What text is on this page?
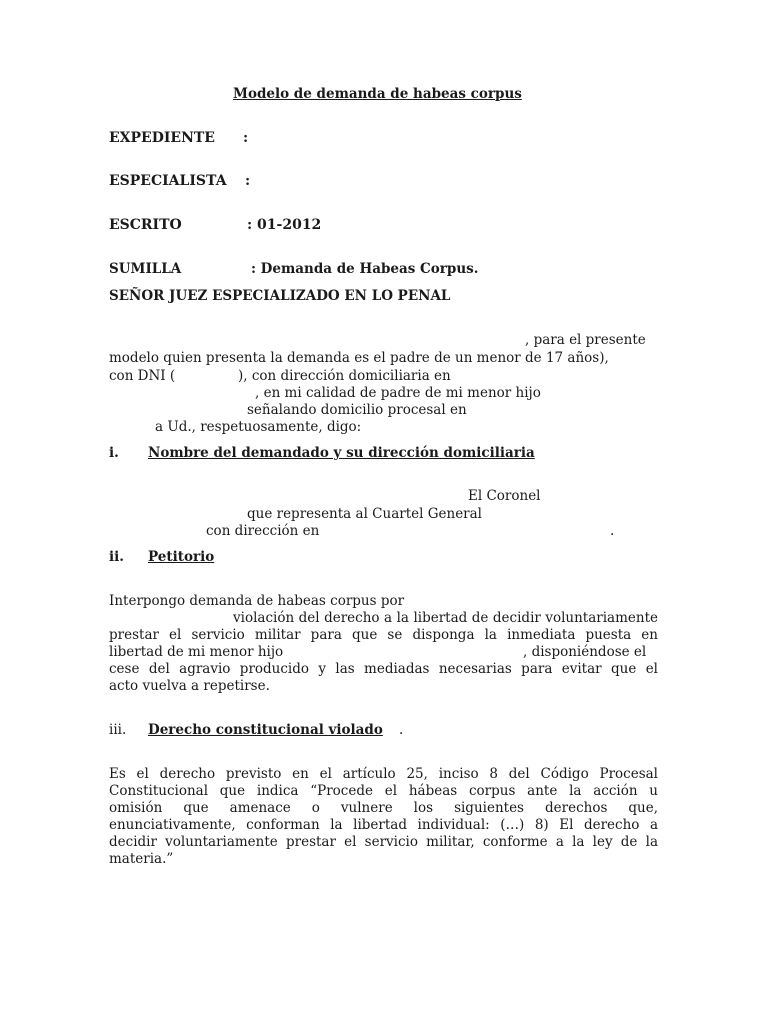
Modelo de demanda de habeas corpus
EXPEDIENTE :
ESPECIALISTA :
ESCRITO	: 01-2012
SUMILLA	: Demanda de Habeas Corpus.
SEÑOR JUEZ ESPECIALIZADO EN LO PENAL
, para el presente
modelo quien presenta la demanda es el padre de un menor de 17 años),
con DNI (	), con dirección domiciliaria en
, en mi calidad de padre de mi menor hijo
señalando domicilio procesal en
a Ud., respetuosamente, digo:
i. Nombre del demandado y su dirección domiciliaria
El Coronel
que representa al Cuartel General
con dirección en	.
ii. Petitorio
Interpongo demanda de habeas corpus por
violación del derecho a la libertad de decidir voluntariamente
prestar el servicio militar para que se disponga la inmediata puesta en
libertad de mi menor hijo	, disponiéndose el
cese del agravio producido y las mediadas necesarias para evitar que el
acto vuelva a repetirse.
iii. Derecho constitucional violado .
Es el derecho previsto en el artículo 25, inciso 8 del Código Procesal
Constitucional que indica “Procede el hábeas corpus ante la acción u
omisión que amenace o vulnere los siguientes derechos que,
enunciativamente, conforman la libertad individual: (…) 8) El derecho a
decidir voluntariamente prestar el servicio militar, conforme a la ley de la
materia.”
